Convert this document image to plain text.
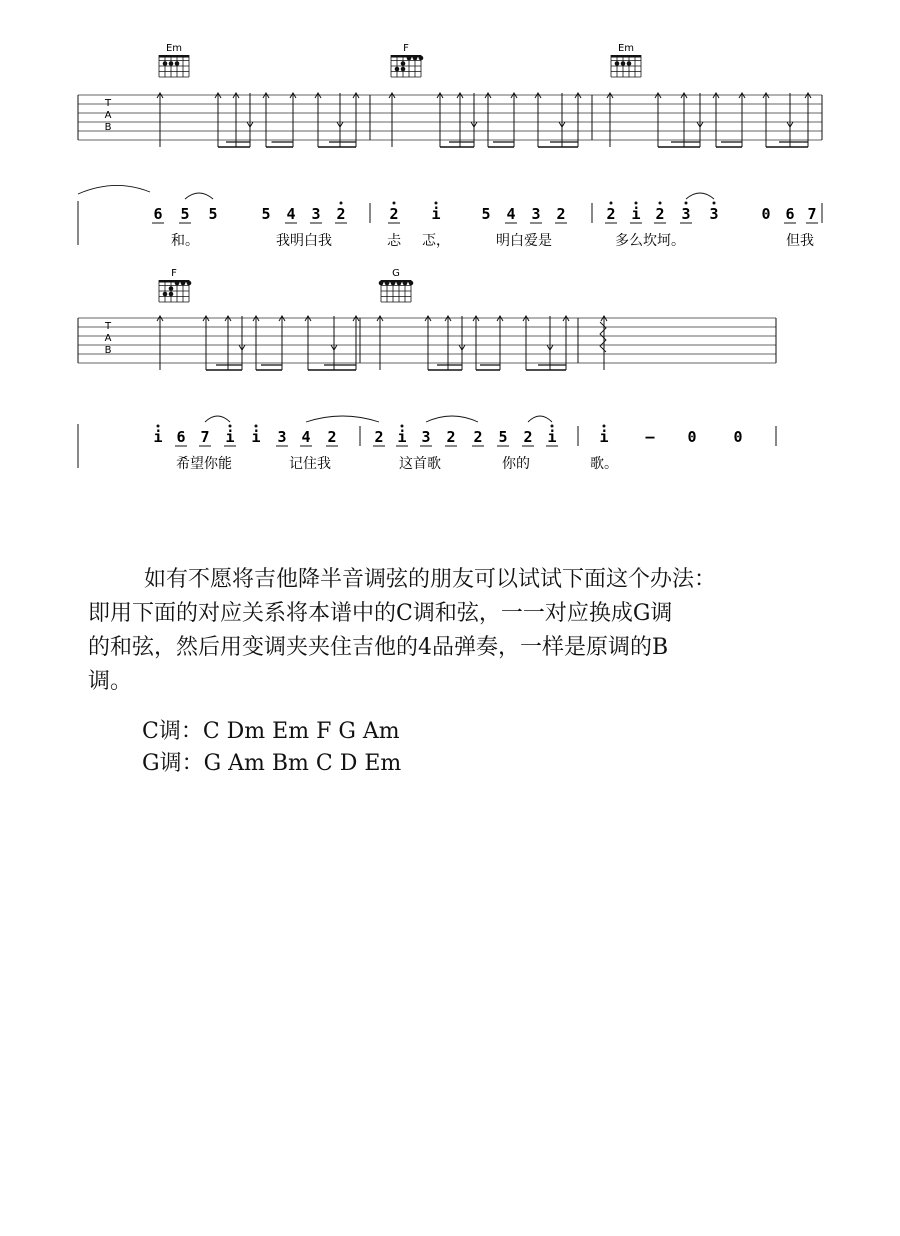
T
A
B
Em	F	Em
6 5 5	5 4 3 2	2 i	5 4 3 2	2 i 2 3 3	0 6 7
和。	我明白我	忐 忑，	明白爱是	多么坎坷。	但我
T
A
B
F	G
i 6 7 i i 3 4 2	2 i 3 2 2 5 2 i	i – 0 0
希望你能	记住我	这首歌	你的	歌。

如有不愿将吉他降半音调弦的朋友可以试试下面这个办法：

即用下面的对应关系将本谱中的C调和弦，一一对应换成G调

的和弦，然后用变调夹夹住吉他的4品弹奏，一样是原调的B

调。

C调：C Dm Em F G Am
G调：G Am Bm C D Em
